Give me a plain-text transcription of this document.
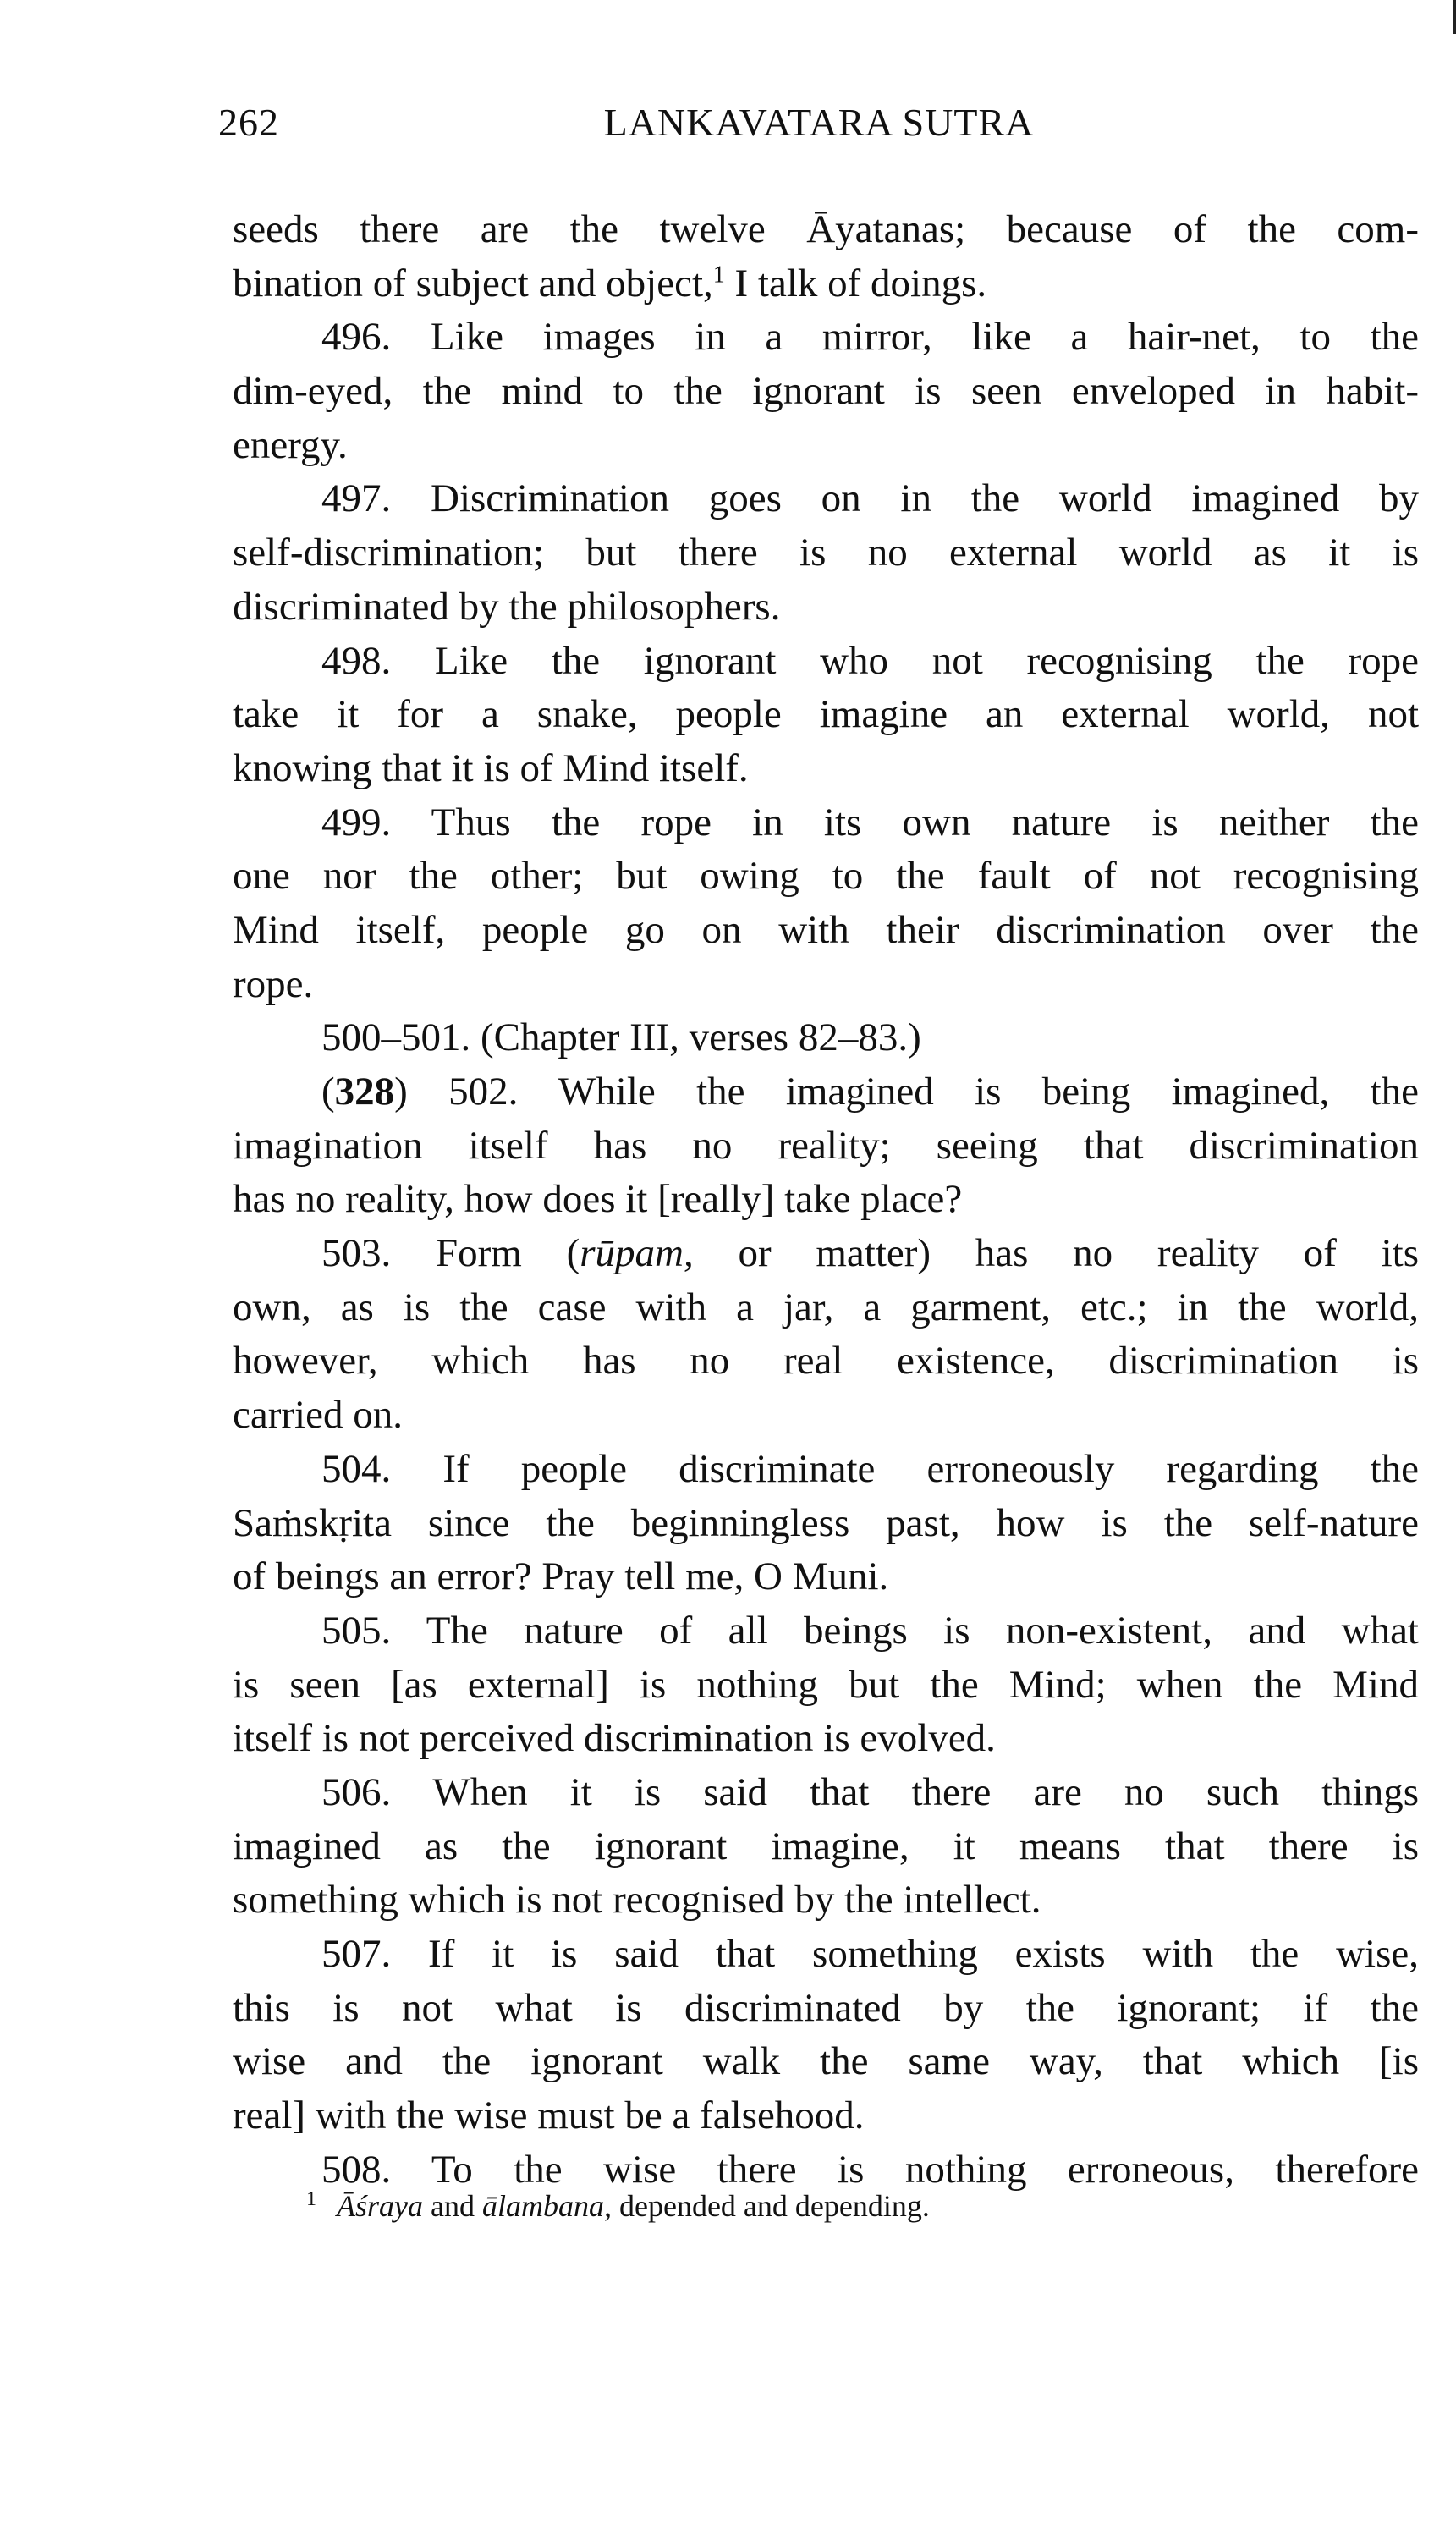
262	LANKAVATARA SUTRA
seeds there are the twelve Āyatanas; because of the com-
bination of subject and object,$^1$ I talk of doings.
496. Like images in a mirror, like a hair-net, to the
dim-eyed, the mind to the ignorant is seen enveloped in habit-
energy.
497. Discrimination goes on in the world imagined by
self-discrimination; but there is no external world as it is
discriminated by the philosophers.
498. Like the ignorant who not recognising the rope
take it for a snake, people imagine an external world, not
knowing that it is of Mind itself.
499. Thus the rope in its own nature is neither the
one nor the other; but owing to the fault of not recognising
Mind itself, people go on with their discrimination over the
rope.
500–501. (Chapter III, verses 82–83.)
(328) 502. While the imagined is being imagined, the
imagination itself has no reality; seeing that discrimination
has no reality, how does it [really] take place?
503. Form (rūpam, or matter) has no reality of its
own, as is the case with a jar, a garment, etc.; in the world,
however, which has no real existence, discrimination is
carried on.
504. If people discriminate erroneously regarding the
Saṁskṛita since the beginningless past, how is the self-nature
of beings an error? Pray tell me, O Muni.
505. The nature of all beings is non-existent, and what
is seen [as external] is nothing but the Mind; when the Mind
itself is not perceived discrimination is evolved.
506. When it is said that there are no such things
imagined as the ignorant imagine, it means that there is
something which is not recognised by the intellect.
507. If it is said that something exists with the wise,
this is not what is discriminated by the ignorant; if the
wise and the ignorant walk the same way, that which [is
real] with the wise must be a falsehood.
508. To the wise there is nothing erroneous, therefore
$^1$ Āśraya and ālambana, depended and depending.
